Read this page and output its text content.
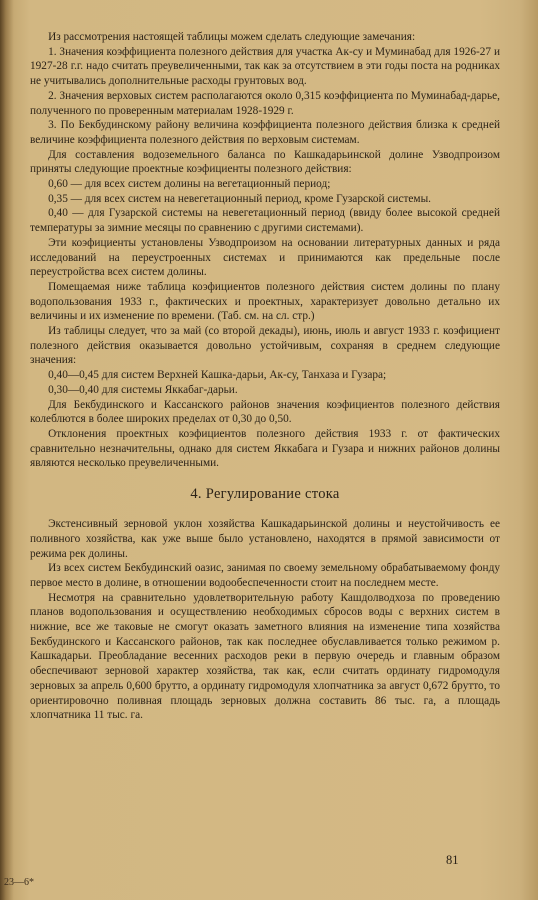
Из рассмотрения настоящей таблицы можем сделать следующие замечания:

1. Значения коэффициента полезного действия для участка Ак-су и Муминабад для 1926-27 и 1927-28 г.г. надо считать преувеличенными, так как за отсутствием в эти годы поста на родниках не учитывались дополнительные расходы грунтовых вод.

2. Значения верховых систем располагаются около 0,315 коэффициента по Муминабад-дарье, полученного по проверенным материалам 1928-1929 г.

3. По Бекбудинскому району величина коэффициента полезного действия близка к средней величине коэффициента полезного действия по верховым системам.

Для составления водоземельного баланса по Кашкадарьинской долине Узводпроизом приняты следующие проектные коэфициенты полезного действия:

0,60 — для всех систем долины на вегетационный период;

0,35 — для всех систем на невегетационный период, кроме Гузарской системы.

0,40 — для Гузарской системы на невегетационный период (ввиду более высокой средней температуры за зимние месяцы по сравнению с другими системами).

Эти коэфициенты установлены Узводпроизом на основании литературных данных и ряда исследований на переустроенных системах и принимаются как предельные после переустройства всех систем долины.

Помещаемая ниже таблица коэфициентов полезного действия систем долины по плану водопользования 1933 г., фактических и проектных, характеризует довольно детально их величины и их изменение по времени. (Таб. см. на сл. стр.)

Из таблицы следует, что за май (со второй декады), июнь, июль и август 1933 г. коэфициент полезного действия оказывается довольно устойчивым, сохраняя в среднем следующие значения:

0,40—0,45 для систем Верхней Кашка-дарьи, Ак-су, Танхаза и Гузара;

0,30—0,40 для системы Яккабаг-дарьи.

Для Бекбудинского и Кассанского районов значения коэфициентов полезного действия колеблются в более широких пределах от 0,30 до 0,50.

Отклонения проектных коэфициентов полезного действия 1933 г. от фактических сравнительно незначительны, однако для систем Яккабага и Гузара и нижних районов долины являются несколько преувеличенными.

4. Регулирование стока

Экстенсивный зерновой уклон хозяйства Кашкадарьинской долины и неустойчивость ее поливного хозяйства, как уже выше было установлено, находятся в прямой зависимости от режима рек долины.

Из всех систем Бекбудинский оазис, занимая по своему земельному обрабатываемому фонду первое место в долине, в отношении водообеспеченности стоит на последнем месте.

Несмотря на сравнительно удовлетворительную работу Кашдолводхоза по проведению планов водопользования и осуществлению необходимых сбросов воды с верхних систем в нижние, все же таковые не смогут оказать заметного влияния на изменение типа хозяйства Бекбудинского и Кассанского районов, так как последнее обуславливается только режимом р. Кашкадарьи. Преобладание весенних расходов реки в первую очередь и главным образом обеспечивают зерновой характер хозяйства, так как, если считать ординату гидромодуля зерновых за апрель 0,600 брутто, а ординату гидромодуля хлопчатника за август 0,672 брутто, то ориентировочно поливная площадь зерновых должна составить 86 тыс. га, а площадь хлопчатника 11 тыс. га.

81
23—6*
